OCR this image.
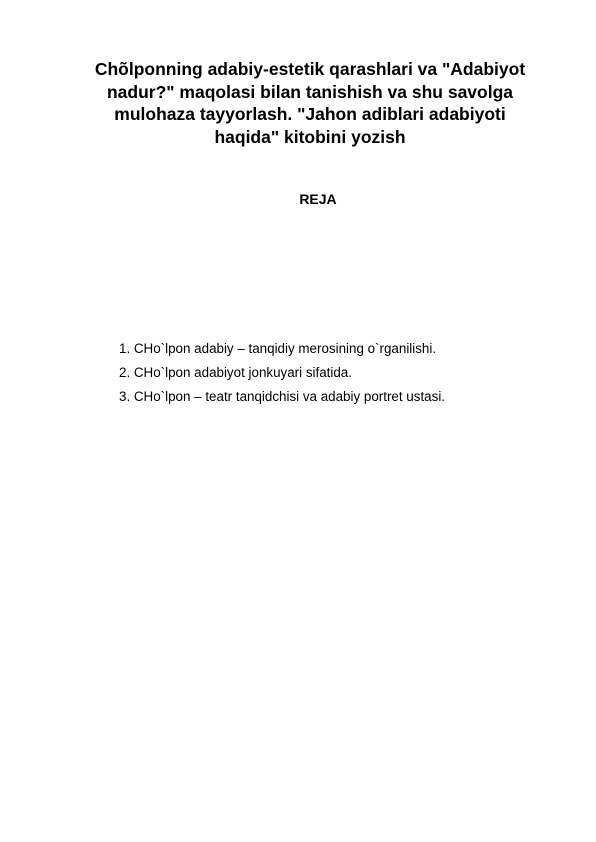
Chõlponning adabiy-estetik qarashlari va "Adabiyot nadur?" maqolasi bilan tanishish va shu savolga mulohaza tayyorlash. "Jahon adiblari adabiyoti haqida" kitobini yozish
REJA
1. CHo`lpon adabiy – tanqidiy merosining o`rganilishi.
2. CHo`lpon adabiyot jonkuyari sifatida.
3. CHo`lpon – teatr tanqidchisi va adabiy portret ustasi.
